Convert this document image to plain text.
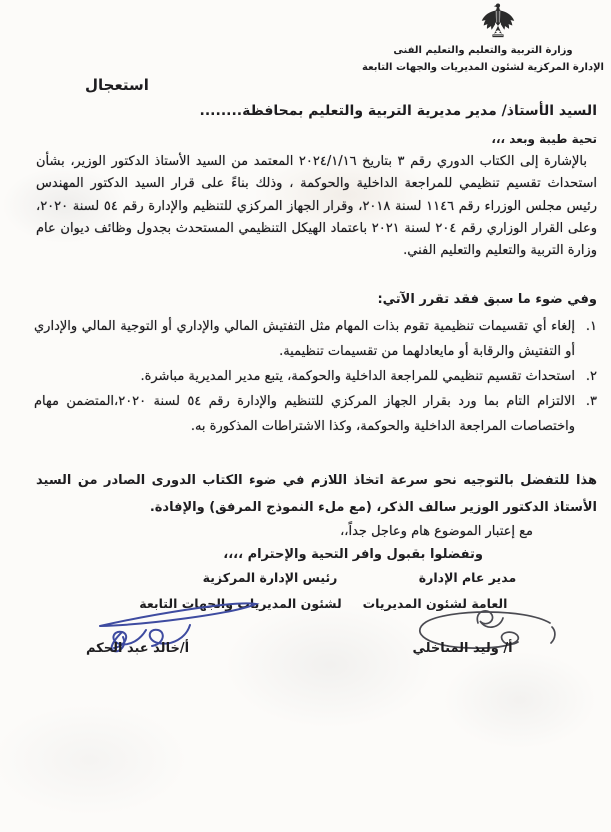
وزارة التربية والتعليم والتعليم الفنى
الإدارة المركزية لشئون المديريات والجهات التابعة
استعجال
السيد الأستاذ/ مدير مديرية التربية والتعليم بمحافظة........
تحية طيبة وبعد ،،،
بالإشارة إلى الكتاب الدوري رقم ٣ بتاريخ ٢٠٢٤/١/١٦ المعتمد من السيد الأستاذ الدكتور الوزير، بشأن استحداث تقسيم تنظيمي للمراجعة الداخلية والحوكمة ، وذلك بناءً على قرار السيد الدكتور المهندس رئيس مجلس الوزراء رقم ١١٤٦ لسنة ٢٠١٨، وقرار الجهاز المركزي للتنظيم والإدارة رقم ٥٤ لسنة ٢٠٢٠، وعلى القرار الوزاري رقم ٢٠٤ لسنة ٢٠٢١ باعتماد الهيكل التنظيمي المستحدث بجدول وظائف ديوان عام وزارة التربية والتعليم والتعليم الفني.
وفي ضوء ما سبق فقد تقرر الآتي:
١.إلغاء أي تقسيمات تنظيمية تقوم بذات المهام مثل التفتيش المالي والإداري أو التوجية المالي والإداري أو التفتيش والرقابة أو مايعادلهما من تقسيمات تنظيمية.
٢.استحداث تقسيم تنظيمي للمراجعة الداخلية والحوكمة، يتبع مدير المديرية مباشرة.
٣.الالتزام التام بما ورد بقرار الجهاز المركزي للتنظيم والإدارة رقم ٥٤ لسنة ٢٠٢٠،المتضمن مهام واختصاصات المراجعة الداخلية والحوكمة، وكذا الاشتراطات المذكورة به.
هذا للتفضل بالتوجيه نحو سرعة اتخاذ اللازم في ضوء الكتاب الدورى الصادر من السيد الأستاذ الدكتور الوزير سالف الذكر، (مع ملء النموذج المرفق) والإفادة.
مع إعتبار الموضوع هام وعاجل جداً،،
وتفضلوا بقبول وافر التحية والإحترام ،،،،
مدير عام الإدارة
العامة لشئون المديريات
أ/ وليد المناخلي
رئيس الإدارة المركزية
لشئون المديريات والجهات التابعة
أ/خالد عبد الحكم
